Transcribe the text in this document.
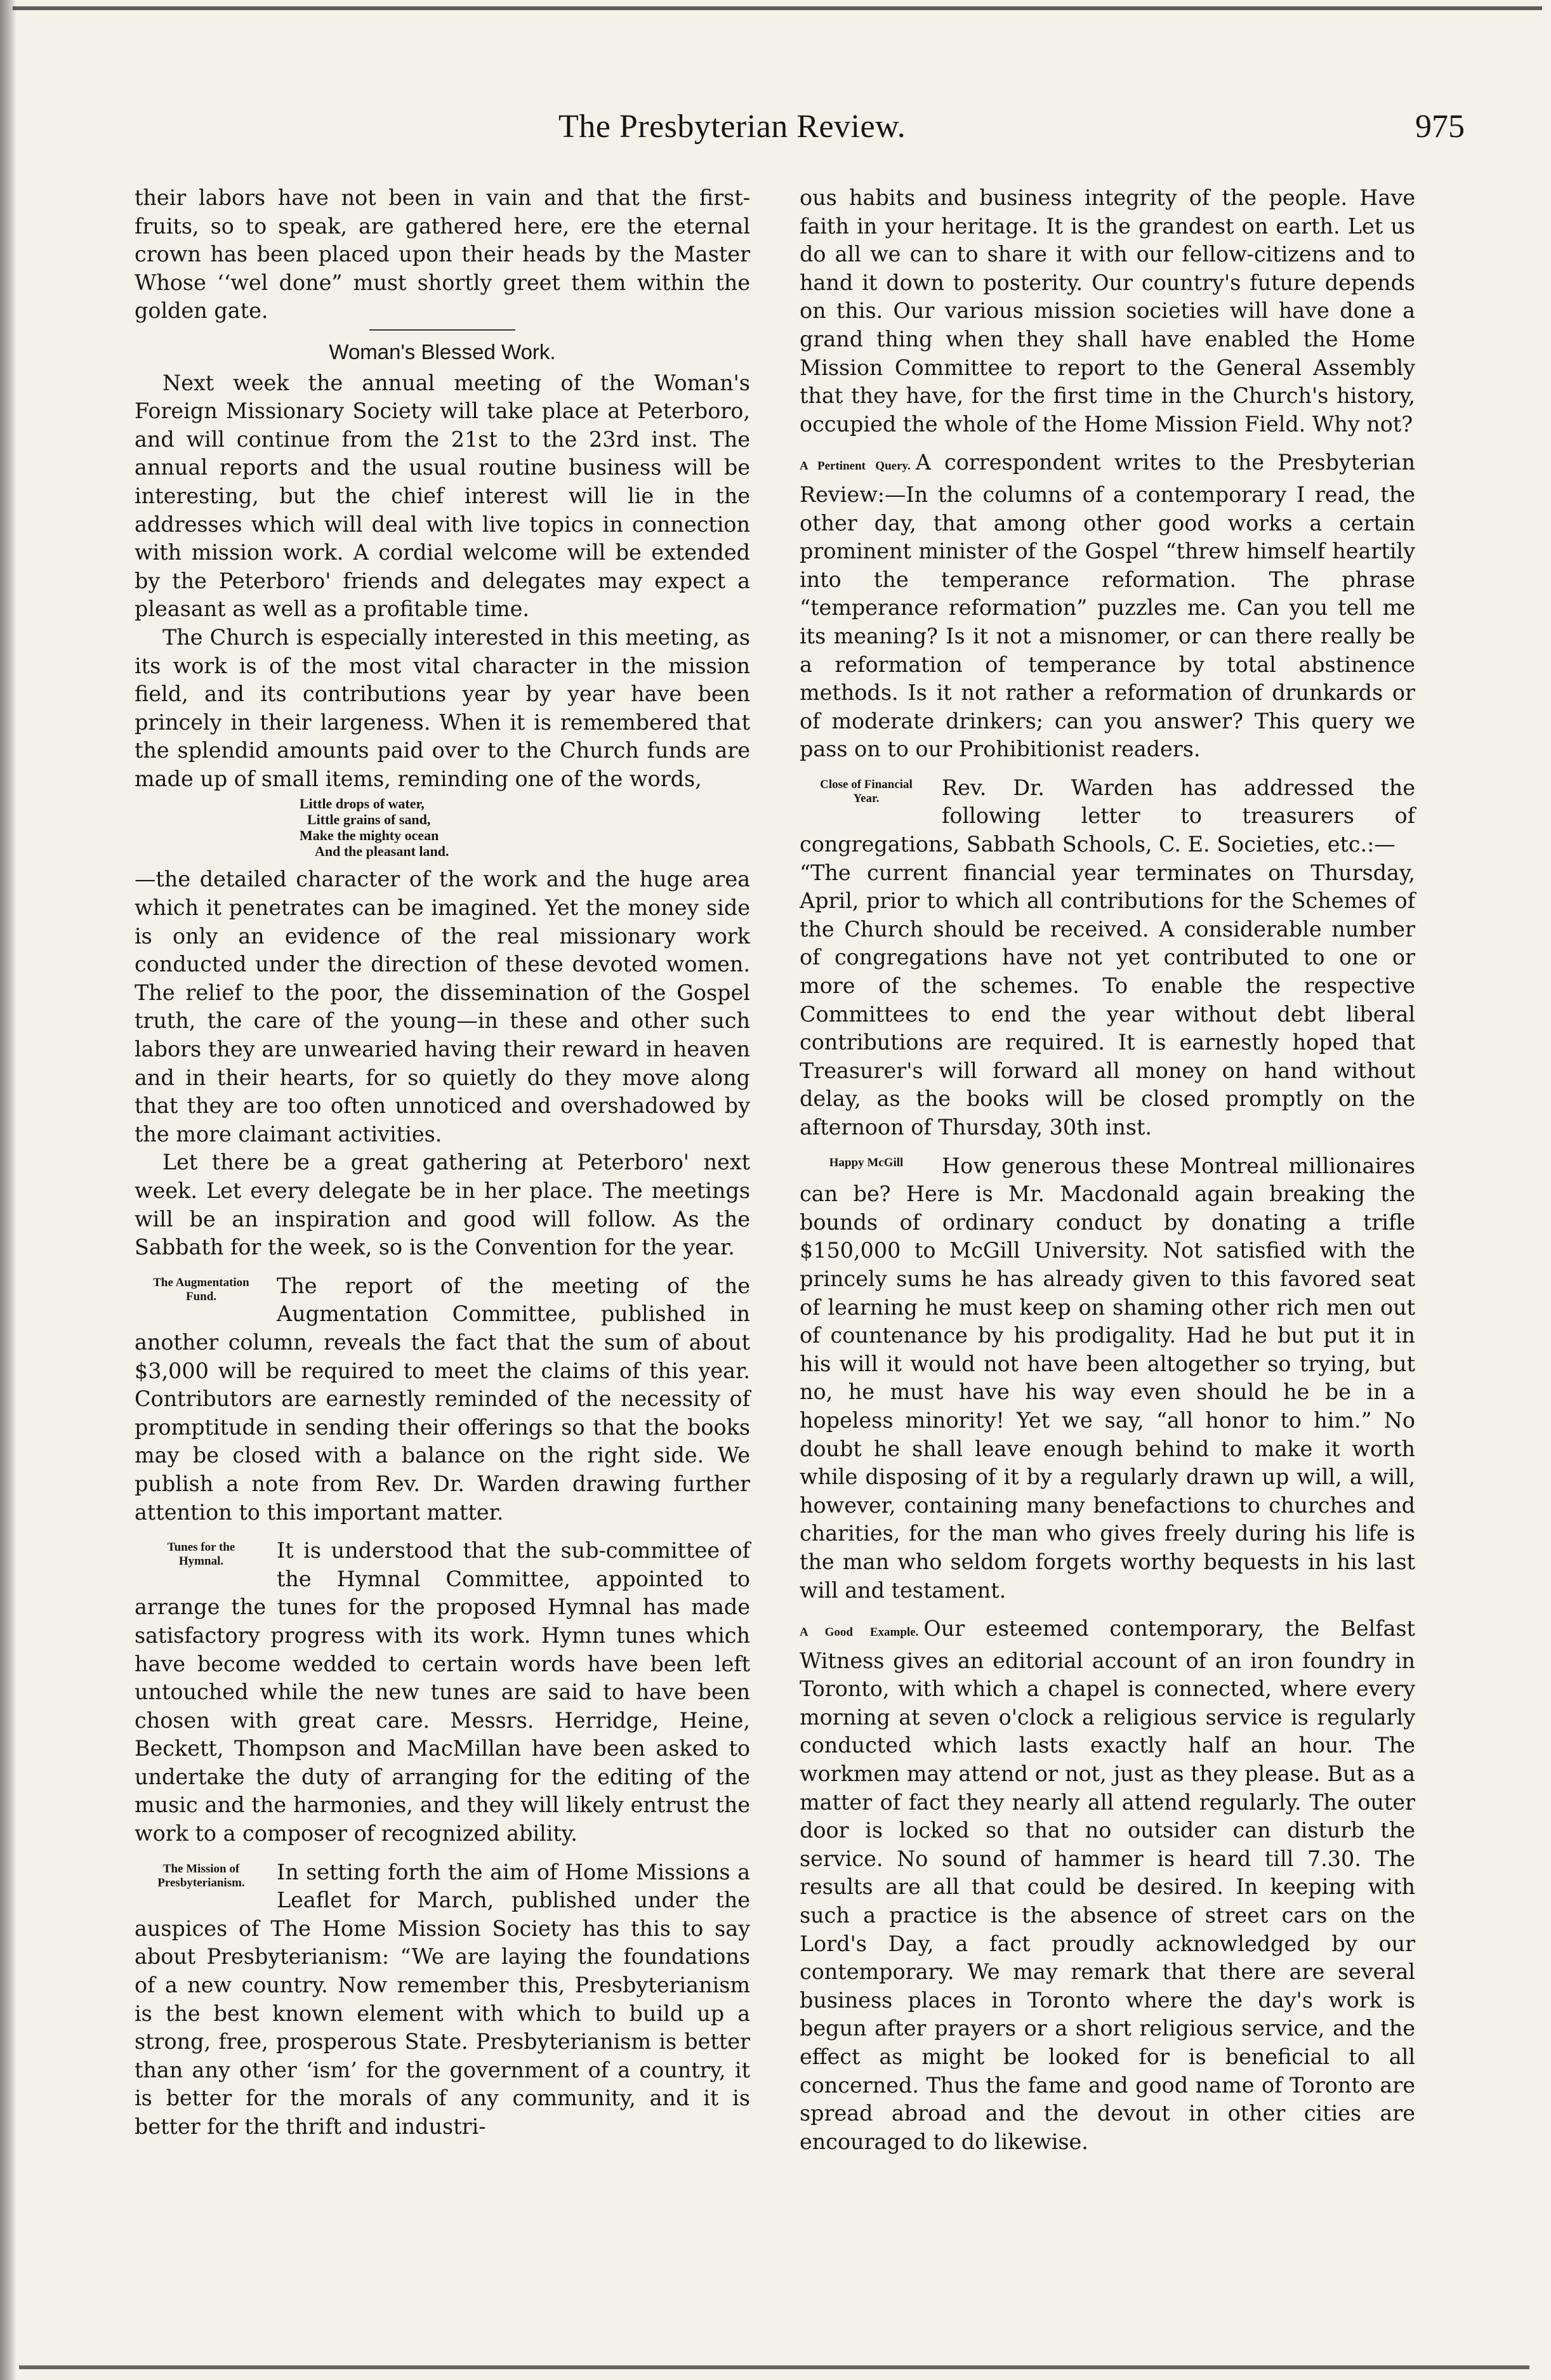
The Presbyterian Review.	975

their labors have not been in vain and that the first-fruits, so to speak, are gathered here, ere the eternal crown has been placed upon their heads by the Master Whose ‘‘wel done” must shortly greet them within the golden gate.

Woman's Blessed Work.

Next week the annual meeting of the Woman's Foreign Missionary Society will take place at Peterboro, and will continue from the 21st to the 23rd inst. The annual reports and the usual routine business will be interesting, but the chief interest will lie in the addresses which will deal with live topics in connection with mission work. A cordial welcome will be extended by the Peterboro' friends and delegates may expect a pleasant as well as a profitable time.

The Church is especially interested in this meeting, as its work is of the most vital character in the mission field, and its contributions year by year have been princely in their largeness. When it is remembered that the splendid amounts paid over to the Church funds are made up of small items, reminding one of the words,

Little drops of water,
Little grains of sand,
Make the mighty ocean
And the pleasant land.

—the detailed character of the work and the huge area which it penetrates can be imagined. Yet the money side is only an evidence of the real missionary work conducted under the direction of these devoted women. The relief to the poor, the dissemination of the Gospel truth, the care of the young—in these and other such labors they are unwearied having their reward in heaven and in their hearts, for so quietly do they move along that they are too often unnoticed and overshadowed by the more claimant activities.

Let there be a great gathering at Peterboro' next week. Let every delegate be in her place. The meetings will be an inspiration and good will follow. As the Sabbath for the week, so is the Convention for the year.

The Augmentation
Fund.	The report of the meeting of the Augmentation Committee, published in another column, reveals the fact that the sum of about $3,000 will be required to meet the claims of this year. Contributors are earnestly reminded of the necessity of promptitude in sending their offerings so that the books may be closed with a balance on the right side. We publish a note from Rev. Dr. Warden drawing further attention to this important matter.

Tunes for the
Hymnal.	It is understood that the sub-committee of the Hymnal Committee, appointed to arrange the tunes for the proposed Hymnal has made satisfactory progress with its work. Hymn tunes which have become wedded to certain words have been left untouched while the new tunes are said to have been chosen with great care. Messrs. Herridge, Heine, Beckett, Thompson and MacMillan have been asked to undertake the duty of arranging for the editing of the music and the harmonies, and they will likely entrust the work to a composer of recognized ability.

The Mission of
Presbyterianism.	In setting forth the aim of Home Missions a Leaflet for March, published under the auspices of The Home Mission Society has this to say about Presbyterianism: “We are laying the foundations of a new country. Now remember this, Presbyterianism is the best known element with which to build up a strong, free, prosperous State. Presbyterianism is better than any other ‘ism’ for the government of a country, it is better for the morals of any community, and it is better for the thrift and industri-

ous habits and business integrity of the people. Have faith in your heritage. It is the grandest on earth. Let us do all we can to share it with our fellow-citizens and to hand it down to posterity. Our country's future depends on this. Our various mission societies will have done a grand thing when they shall have enabled the Home Mission Committee to report to the General Assembly that they have, for the first time in the Church's history, occupied the whole of the Home Mission Field. Why not?

A Pertinent Query. A correspondent writes to the Presbyterian Review:—In the columns of a contemporary I read, the other day, that among other good works a certain prominent minister of the Gospel “threw himself heartily into the temperance reformation. The phrase “temperance reformation” puzzles me. Can you tell me its meaning? Is it not a misnomer, or can there really be a reformation of temperance by total abstinence methods. Is it not rather a reformation of drunkards or of moderate drinkers; can you answer? This query we pass on to our Prohibitionist readers.

Close of Financial
Year.	Rev. Dr. Warden has addressed the following letter to treasurers of congregations, Sabbath Schools, C. E. Societies, etc.:—

“The current financial year terminates on Thursday, April, prior to which all contributions for the Schemes of the Church should be received. A considerable number of congregations have not yet contributed to one or more of the schemes. To enable the respective Committees to end the year without debt liberal contributions are required. It is earnestly hoped that Treasurer's will forward all money on hand without delay, as the books will be closed promptly on the afternoon of Thursday, 30th inst.

Happy McGill	How generous these Montreal millionaires can be? Here is Mr. Macdonald again breaking the bounds of ordinary conduct by donating a trifle $150,000 to McGill University. Not satisfied with the princely sums he has already given to this favored seat of learning he must keep on shaming other rich men out of countenance by his prodigality. Had he but put it in his will it would not have been altogether so trying, but no, he must have his way even should he be in a hopeless minority! Yet we say, “all honor to him.” No doubt he shall leave enough behind to make it worth while disposing of it by a regularly drawn up will, a will, however, containing many benefactions to churches and charities, for the man who gives freely during his life is the man who seldom forgets worthy bequests in his last will and testament.

A Good Example. Our esteemed contemporary, the Belfast Witness gives an editorial account of an iron foundry in Toronto, with which a chapel is connected, where every morning at seven o'clock a religious service is regularly conducted which lasts exactly half an hour. The workmen may attend or not, just as they please. But as a matter of fact they nearly all attend regularly. The outer door is locked so that no outsider can disturb the service. No sound of hammer is heard till 7.30. The results are all that could be desired. In keeping with such a practice is the absence of street cars on the Lord's Day, a fact proudly acknowledged by our contemporary. We may remark that there are several business places in Toronto where the day's work is begun after prayers or a short religious service, and the effect as might be looked for is beneficial to all concerned. Thus the fame and good name of Toronto are spread abroad and the devout in other cities are encouraged to do likewise.
